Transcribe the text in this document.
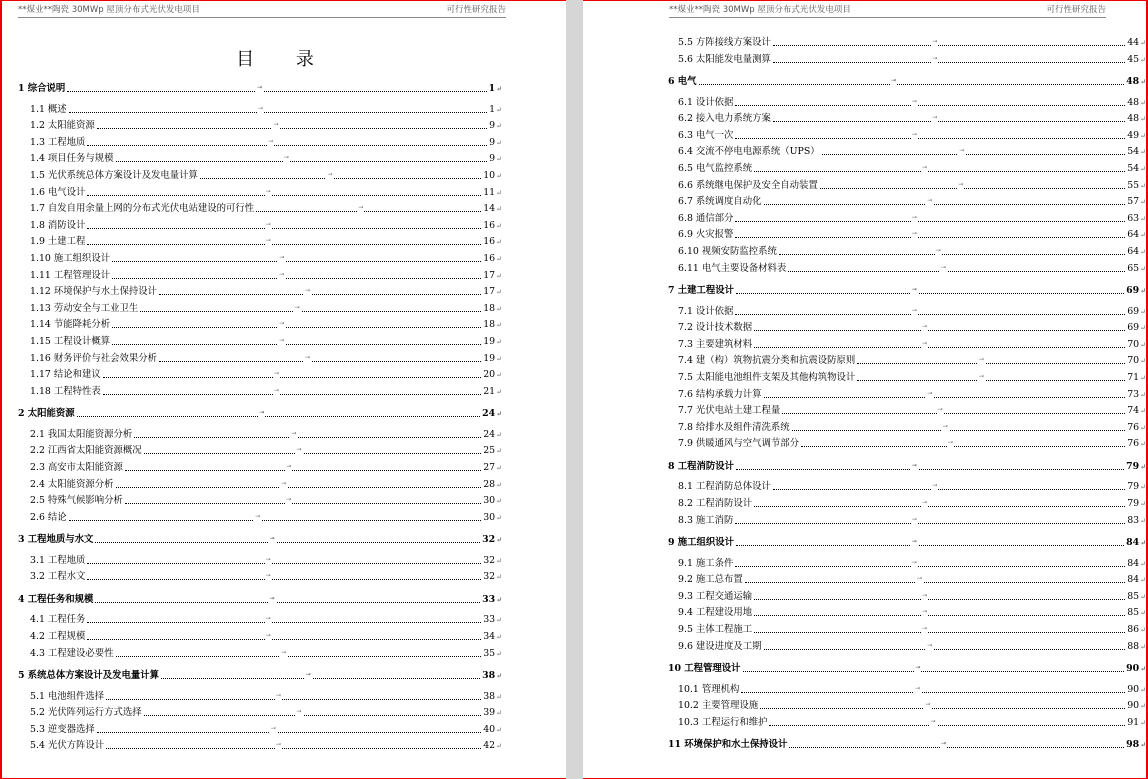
**煤业**陶瓷 30MWp 屋顶分布式光伏发电项目	可行性研究报告
目 录
1 综合说明 ⇥	1 ↵
1.1 概述 ⇥	1 ↵
1.2 太阳能资源 ⇥	9 ↵
1.3 工程地质 ⇥	9 ↵
1.4 项目任务与规模 ⇥	9 ↵
1.5 光伏系统总体方案设计及发电量计算 ⇥	10 ↵
1.6 电气设计 ⇥	11 ↵
1.7 自发自用余量上网的分布式光伏电站建设的可行性 ⇥	14 ↵
1.8 消防设计 ⇥	16 ↵
1.9 土建工程 ⇥	16 ↵
1.10 施工组织设计 ⇥	16 ↵
1.11 工程管理设计 ⇥	17 ↵
1.12 环境保护与水土保持设计 ⇥	17 ↵
1.13 劳动安全与工业卫生 ⇥	18 ↵
1.14 节能降耗分析 ⇥	18 ↵
1.15 工程设计概算 ⇥	19 ↵
1.16 财务评价与社会效果分析 ⇥	19 ↵
1.17 结论和建议 ⇥	20 ↵
1.18 工程特性表 ⇥	21 ↵
2 太阳能资源 ⇥	24 ↵
2.1 我国太阳能资源分析 ⇥	24 ↵
2.2 江西省太阳能资源概况 ⇥	25 ↵
2.3 高安市太阳能资源 ⇥	27 ↵
2.4 太阳能资源分析 ⇥	28 ↵
2.5 特殊气候影响分析 ⇥	30 ↵
2.6 结论 ⇥	30 ↵
3 工程地质与水文 ⇥	32 ↵
3.1 工程地质 ⇥	32 ↵
3.2 工程水文 ⇥	32 ↵
4 工程任务和规模 ⇥	33 ↵
4.1 工程任务 ⇥	33 ↵
4.2 工程规模 ⇥	34 ↵
4.3 工程建设必要性 ⇥	35 ↵
5 系统总体方案设计及发电量计算 ⇥	38 ↵
5.1 电池组件选择 ⇥	38 ↵
5.2 光伏阵列运行方式选择 ⇥	39 ↵
5.3 逆变器选择 ⇥	40 ↵
5.4 光伏方阵设计 ⇥	42 ↵
**煤业**陶瓷 30MWp 屋顶分布式光伏发电项目	可行性研究报告
5.5 方阵接线方案设计 ⇥	44 ↵
5.6 太阳能发电量测算 ⇥	45 ↵
6 电气 ⇥	48 ↵
6.1 设计依据 ⇥	48 ↵
6.2 接入电力系统方案 ⇥	48 ↵
6.3 电气一次 ⇥	49 ↵
6.4 交流不停电电源系统（UPS） ⇥	54 ↵
6.5 电气监控系统 ⇥	54 ↵
6.6 系统继电保护及安全自动装置 ⇥	55 ↵
6.7 系统调度自动化 ⇥	57 ↵
6.8 通信部分 ⇥	63 ↵
6.9 火灾报警 ⇥	64 ↵
6.10 视频安防监控系统 ⇥	64 ↵
6.11 电气主要设备材料表 ⇥	65 ↵
7 土建工程设计 ⇥	69 ↵
7.1 设计依据 ⇥	69 ↵
7.2 设计技术数据 ⇥	69 ↵
7.3 主要建筑材料 ⇥	70 ↵
7.4 建（构）筑物抗震分类和抗震设防原则 ⇥	70 ↵
7.5 太阳能电池组件支架及其他构筑物设计 ⇥	71 ↵
7.6 结构承载力计算 ⇥	73 ↵
7.7 光伏电站土建工程量 ⇥	74 ↵
7.8 给排水及组件清洗系统 ⇥	76 ↵
7.9 供暖通风与空气调节部分 ⇥	76 ↵
8 工程消防设计 ⇥	79 ↵
8.1 工程消防总体设计 ⇥	79 ↵
8.2 工程消防设计 ⇥	79 ↵
8.3 施工消防 ⇥	83 ↵
9 施工组织设计 ⇥	84 ↵
9.1 施工条件 ⇥	84 ↵
9.2 施工总布置 ⇥	84 ↵
9.3 工程交通运输 ⇥	85 ↵
9.4 工程建设用地 ⇥	85 ↵
9.5 主体工程施工 ⇥	86 ↵
9.6 建设进度及工期 ⇥	88 ↵
10 工程管理设计 ⇥	90 ↵
10.1 管理机构 ⇥	90 ↵
10.2 主要管理设施 ⇥	90 ↵
10.3 工程运行和维护 ⇥	91 ↵
11 环境保护和水土保持设计 ⇥	98 ↵
